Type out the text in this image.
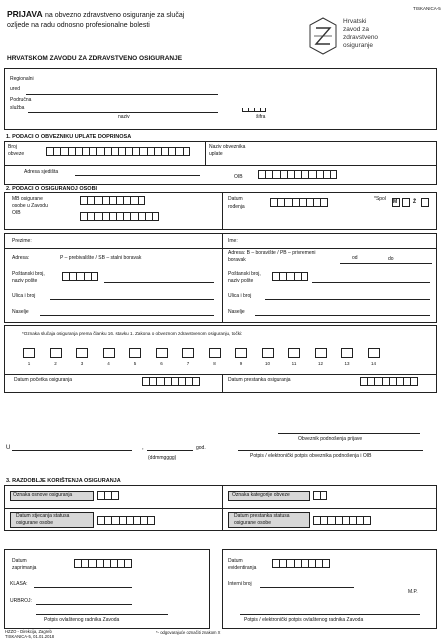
TISKANICA-5
PRIJAVA na obvezno zdravstveno osiguranje za slučaj
ozljede na radu odnosno profesionalne bolesti
HRVATSKOM ZAVODU ZA ZDRAVSTVENO OSIGURANJE
Hrvatski
zavod za
zdravstveno
osiguranje
Regionalni
ured
Područna
služba
naziv	šifra
1. PODACI O OBVEZNIKU UPLATE DOPRINOSA
Broj
obveze
Naziv obveznika
uplate
Adresa sjedišta
OIB
2. PODACI O OSIGURANOJ OSOBI
MB osigurane
osobe u Zavodu
OIB
Datum
rođenja
*Spol M	Ž
Prezime:	Ime:
Adresa:	P – prebivalište / SB – stalni boravak
Adresa: B – boravište / PB – privremeni
boravak	od	do
Poštanski broj,
naziv pošte
Poštanski broj,
naziv pošte
Ulica i broj	Ulica i broj
Naselje	Naselje
*Oznaka slučaja osiguranja prema članku 16. stavku 1. Zakona o obveznom zdravstvenom osiguranju, točki:
1	2	3	4	5	6	7	8	9	10	11	12	13	14
Datum početka osiguranja	Datum prestanka osiguranja
Obveznik podnošenja prijave
U	,	god.
(ddmmgggg)	Potpis / elektronički potpis obveznika podnošenja i OIB
3. RAZDOBLJE KORIŠTENJA OSIGURANJA
Oznaka osnove osiguranja	Oznaka kategorije obveze
Datum stjecanja statusa
osigurane osobe
Datum prestanka statusa
osigurane osobe
Datum
zaprimanja
KLASA:
URBROJ:
Potpis ovlaštenog radnika Zavoda
Datum
evidentiranja
Interni broj
M.P.
Potpis / elektronički potpis ovlaštenog radnika Zavoda
HZZO - Direkcija, Zagreb
TISKANICA-5, 01.01.2018
*- odgovarajuće označiti znakom X
